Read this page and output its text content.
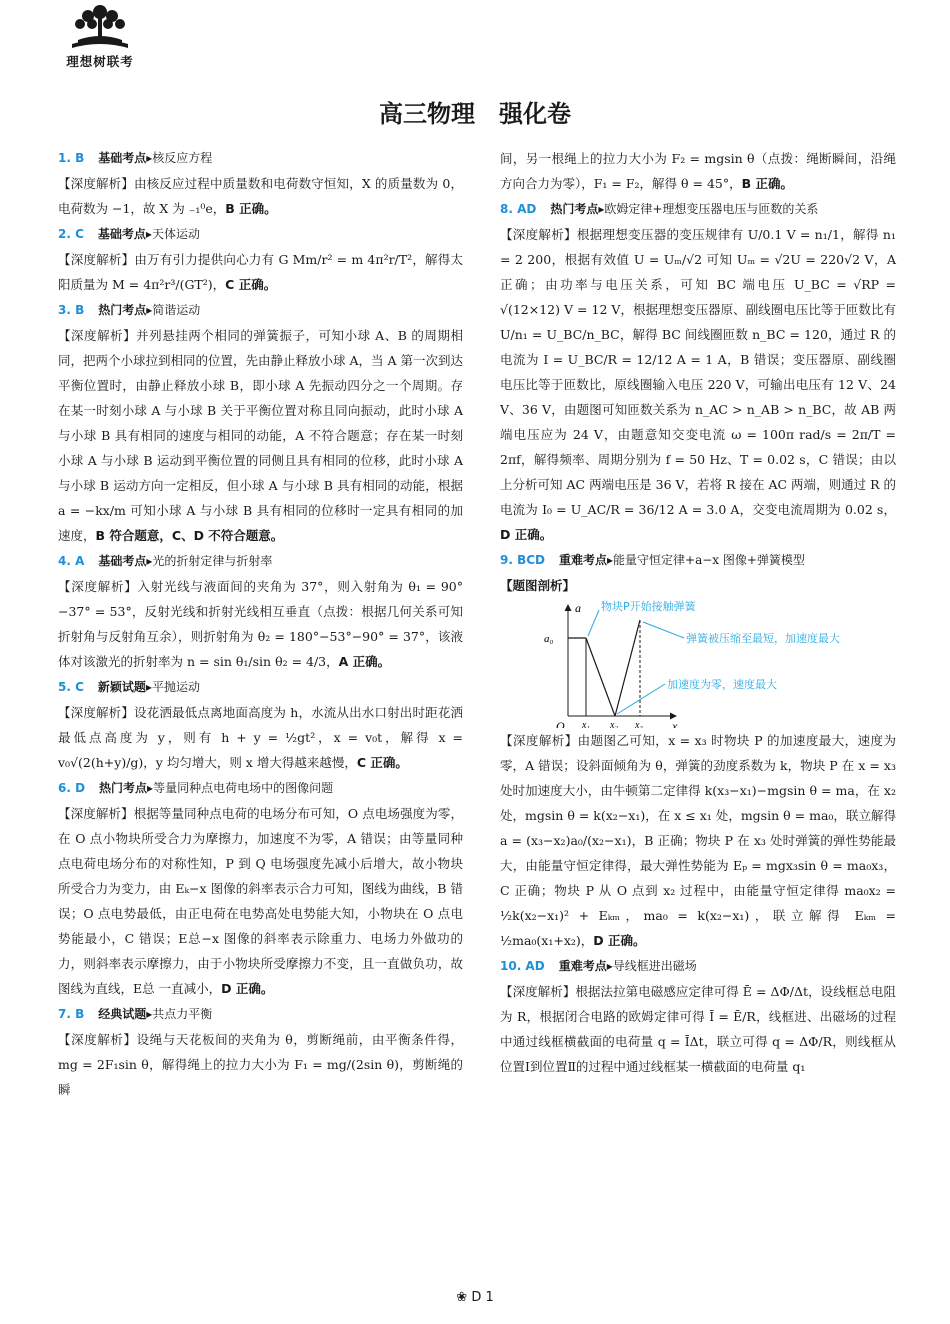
理想树联考
高三物理　强化卷
1. B 基础考点▸核反应方程
【深度解析】由核反应过程中质量数和电荷数守恒知，X 的质量数为 0，电荷数为 −1，故 X 为 ₋₁⁰e，B 正确。
2. C 基础考点▸天体运动
【深度解析】由万有引力提供向心力有 G Mm/r² = m 4π²r/T²，解得太阳质量为 M = 4π²r³/(GT²)，C 正确。
3. B 热门考点▸简谐运动
【深度解析】并列悬挂两个相同的弹簧振子，可知小球 A、B 的周期相同，把两个小球拉到相同的位置，先由静止释放小球 A，当 A 第一次到达平衡位置时，由静止释放小球 B，即小球 A 先振动四分之一个周期。存在某一时刻小球 A 与小球 B 关于平衡位置对称且同向振动，此时小球 A 与小球 B 具有相同的速度与相同的动能，A 不符合题意；存在某一时刻小球 A 与小球 B 运动到平衡位置的同侧且具有相同的位移，此时小球 A 与小球 B 运动方向一定相反，但小球 A 与小球 B 具有相同的动能，根据 a = −kx/m 可知小球 A 与小球 B 具有相同的位移时一定具有相同的加速度，B 符合题意，C、D 不符合题意。
4. A 基础考点▸光的折射定律与折射率
【深度解析】入射光线与液面间的夹角为 37°，则入射角为 θ₁ = 90°−37° = 53°，反射光线和折射光线相互垂直（点拨：根据几何关系可知折射角与反射角互余），则折射角为 θ₂ = 180°−53°−90° = 37°，该液体对该激光的折射率为 n = sin θ₁/sin θ₂ = 4/3，A 正确。
5. C 新颖试题▸平抛运动
【深度解析】设花洒最低点离地面高度为 h，水流从出水口射出时距花洒最低点高度为 y，则有 h + y = ½gt²，x = v₀t，解得 x = v₀√(2(h+y)/g)，y 均匀增大，则 x 增大得越来越慢，C 正确。
6. D 热门考点▸等量同种点电荷电场中的图像问题
【深度解析】根据等量同种点电荷的电场分布可知，O 点电场强度为零，在 O 点小物块所受合力为摩擦力，加速度不为零，A 错误；由等量同种点电荷电场分布的对称性知，P 到 Q 电场强度先减小后增大，故小物块所受合力为变力，由 Eₖ−x 图像的斜率表示合力可知，图线为曲线，B 错误；O 点电势最低，由正电荷在电势高处电势能大知，小物块在 O 点电势能最小，C 错误；E总−x 图像的斜率表示除重力、电场力外做功的力，则斜率表示摩擦力，由于小物块所受摩擦力不变，且一直做负功，故图线为直线，E总 一直减小，D 正确。
7. B 经典试题▸共点力平衡
【深度解析】设绳与天花板间的夹角为 θ，剪断绳前，由平衡条件得，mg = 2F₁sin θ，解得绳上的拉力大小为 F₁ = mg/(2sin θ)，剪断绳的瞬
间，另一根绳上的拉力大小为 F₂ = mgsin θ（点拨：绳断瞬间，沿绳方向合力为零），F₁ = F₂，解得 θ = 45°，B 正确。
8. AD 热门考点▸欧姆定律+理想变压器电压与匝数的关系
【深度解析】根据理想变压器的变压规律有 U/0.1 V = n₁/1，解得 n₁ = 2 200，根据有效值 U = Uₘ/√2 可知 Uₘ = √2U = 220√2 V，A 正确；由功率与电压关系，可知 BC 端电压 U_BC = √RP = √(12×12) V = 12 V，根据理想变压器原、副线圈电压比等于匝数比有 U/n₁ = U_BC/n_BC，解得 BC 间线圈匝数 n_BC = 120，通过 R 的电流为 I = U_BC/R = 12/12 A = 1 A，B 错误；变压器原、副线圈电压比等于匝数比，原线圈输入电压 220 V，可输出电压有 12 V、24 V、36 V，由题图可知匝数关系为 n_AC > n_AB > n_BC，故 AB 两端电压应为 24 V，由题意知交变电流 ω = 100π rad/s = 2π/T = 2πf，解得频率、周期分别为 f = 50 Hz、T = 0.02 s，C 错误；由以上分析可知 AC 两端电压是 36 V，若将 R 接在 AC 两端，则通过 R 的电流为 I₀ = U_AC/R = 36/12 A = 3.0 A，交变电流周期为 0.02 s，D 正确。
9. BCD 重难考点▸能量守恒定律+a−x 图像+弹簧模型
【题图剖析】
a
x
O
a₀
x₁ x₂ x₃
物块P开始接触弹簧
弹簧被压缩至最短，加速度最大
加速度为零，速度最大
【深度解析】由题图乙可知，x = x₃ 时物块 P 的加速度最大，速度为零，A 错误；设斜面倾角为 θ，弹簧的劲度系数为 k，物块 P 在 x = x₃ 处时加速度大小，由牛顿第二定律得 k(x₃−x₁)−mgsin θ = ma，在 x₂ 处，mgsin θ = k(x₂−x₁)，在 x ≤ x₁ 处，mgsin θ = ma₀，联立解得 a = (x₃−x₂)a₀/(x₂−x₁)，B 正确；物块 P 在 x₃ 处时弹簧的弹性势能最大，由能量守恒定律得，最大弹性势能为 Eₚ = mgx₃sin θ = ma₀x₃，C 正确；物块 P 从 O 点到 x₂ 过程中，由能量守恒定律得 ma₀x₂ = ½k(x₂−x₁)² + Eₖₘ，ma₀ = k(x₂−x₁)，联立解得 Eₖₘ = ½ma₀(x₁+x₂)，D 正确。
10. AD 重难考点▸导线框进出磁场
【深度解析】根据法拉第电磁感应定律可得 Ē = ΔΦ/Δt，设线框总电阻为 R，根据闭合电路的欧姆定律可得 Ī = Ē/R，线框进、出磁场的过程中通过线框横截面的电荷量 q = ĪΔt，联立可得 q = ΔΦ/R，则线框从位置Ⅰ到位置Ⅱ的过程中通过线框某一横截面的电荷量 q₁
❀ D 1
